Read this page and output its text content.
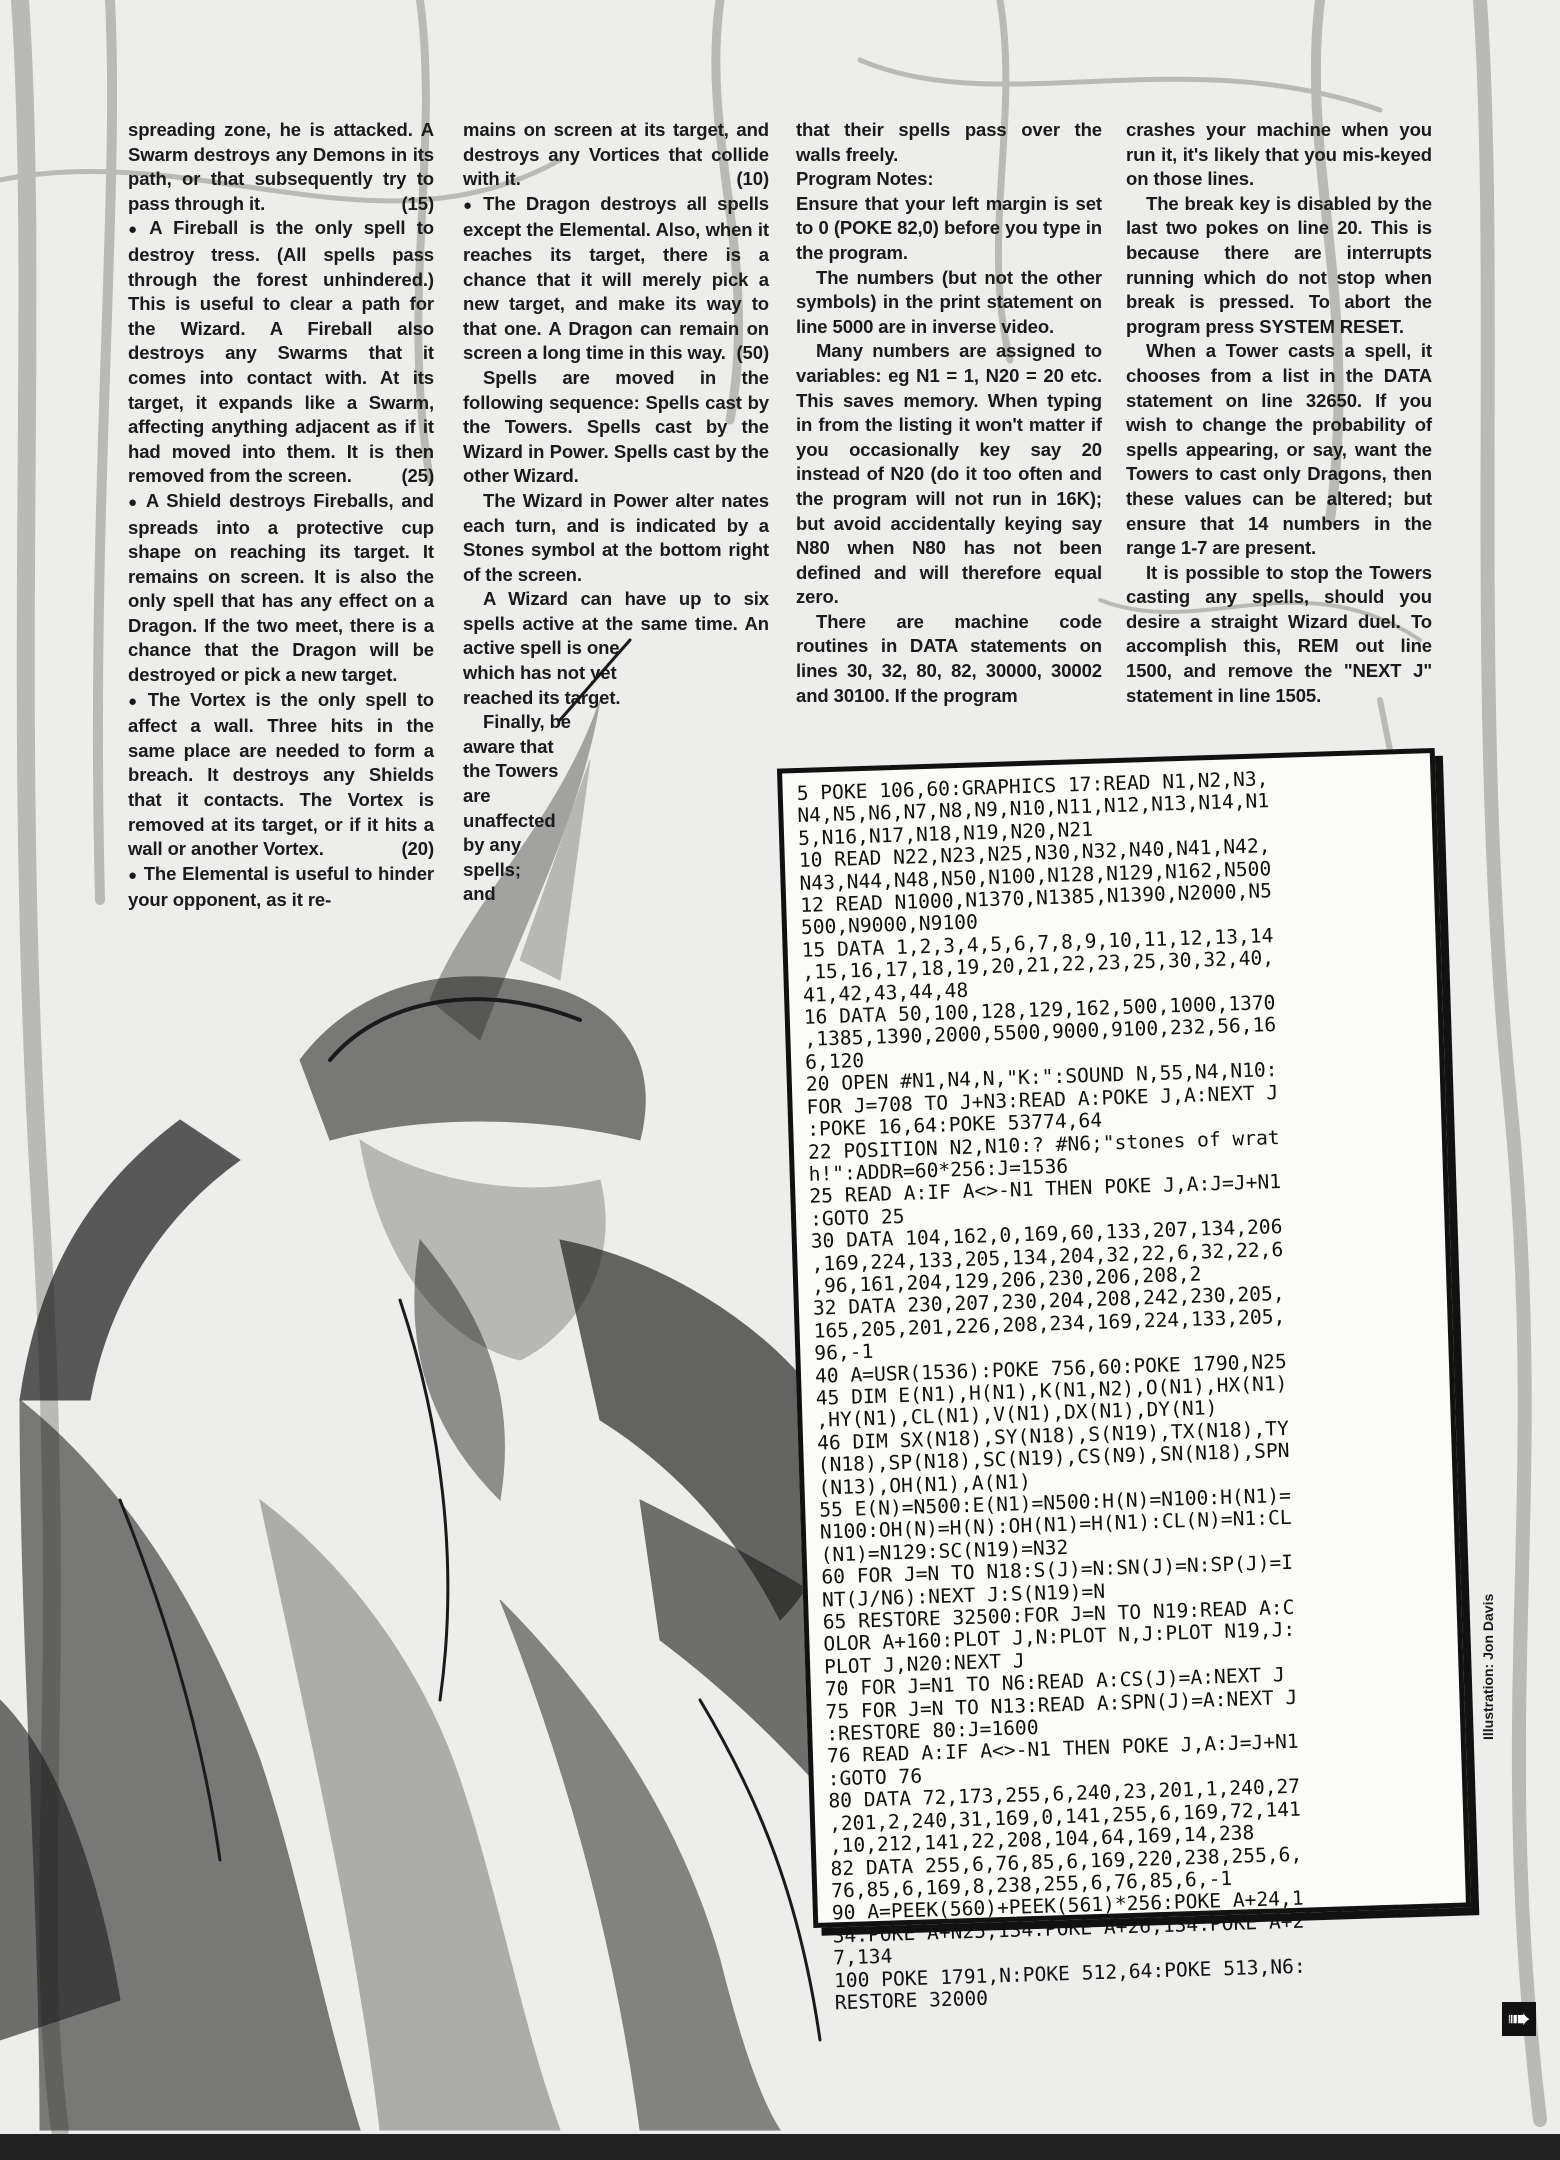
spreading zone, he is attacked. A Swarm destroys any Demons in its path, or that subsequently try to pass through it.	(15)

● A Fireball is the only spell to destroy tress. (All spells pass through the forest unhindered.) This is useful to clear a path for the Wizard. A Fireball also destroys any Swarms that it comes into contact with. At its target, it expands like a Swarm, affecting anything adjacent as if it had moved into them. It is then removed from the screen.	(25)

● A Shield destroys Fireballs, and spreads into a protective cup shape on reaching its target. It remains on screen. It is also the only spell that has any effect on a Dragon. If the two meet, there is a chance that the Dragon will be destroyed or pick a new target.

● The Vortex is the only spell to affect a wall. Three hits in the same place are needed to form a breach. It destroys any Shields that it contacts. The Vortex is removed at its target, or if it hits a wall or another Vortex.	(20)

● The Elemental is useful to hinder your opponent, as it re-

mains on screen at its target, and destroys any Vortices that collide with it.	(10)

● The Dragon destroys all spells except the Elemental. Also, when it reaches its target, there is a chance that it will merely pick a new target, and make its way to that one. A Dragon can remain on screen a long time in this way. (50)

Spells are moved in the following sequence: Spells cast by the Towers. Spells cast by the Wizard in Power. Spells cast by the other Wizard.

The Wizard in Power alter nates each turn, and is indicated by a Stones symbol at the bottom right of the screen.

A Wizard can have up to six spells active at the same time. An active spell is one

which has not yet
reached its target.
Finally, be
aware that
the Towers
are
unaffected
by any
spells;
and

that their spells pass over the walls freely.

Program Notes:

Ensure that your left margin is set to 0 (POKE 82,0) before you type in the program.

The numbers (but not the other symbols) in the print statement on line 5000 are in inverse video.

Many numbers are assigned to variables: eg N1 = 1, N20 = 20 etc. This saves memory. When typing in from the listing it won't matter if you occasionally key say 20 instead of N20 (do it too often and the program will not run in 16K); but avoid accidentally keying say N80 when N80 has not been defined and will therefore equal zero.

There are machine code routines in DATA statements on lines 30, 32, 80, 82, 30000, 30002 and 30100. If the program

crashes your machine when you run it, it's likely that you mis-keyed on those lines.

The break key is disabled by the last two pokes on line 20. This is because there are interrupts running which do not stop when break is pressed. To abort the program press SYSTEM RESET.

When a Tower casts a spell, it chooses from a list in the DATA statement on line 32650. If you wish to change the probability of spells appearing, or say, want the Towers to cast only Dragons, then these values can be altered; but ensure that 14 numbers in the range 1-7 are present.

It is possible to stop the Towers casting any spells, should you desire a straight Wizard duel. To accomplish this, REM out line 1500, and remove the "NEXT J" statement in line 1505.

5 POKE 106,60:GRAPHICS 17:READ N1,N2,N3,
N4,N5,N6,N7,N8,N9,N10,N11,N12,N13,N14,N1
5,N16,N17,N18,N19,N20,N21
10 READ N22,N23,N25,N30,N32,N40,N41,N42,
N43,N44,N48,N50,N100,N128,N129,N162,N500
12 READ N1000,N1370,N1385,N1390,N2000,N5
500,N9000,N9100
15 DATA 1,2,3,4,5,6,7,8,9,10,11,12,13,14
,15,16,17,18,19,20,21,22,23,25,30,32,40,
41,42,43,44,48
16 DATA 50,100,128,129,162,500,1000,1370
,1385,1390,2000,5500,9000,9100,232,56,16
6,120
20 OPEN #N1,N4,N,"K:":SOUND N,55,N4,N10:
FOR J=708 TO J+N3:READ A:POKE J,A:NEXT J
:POKE 16,64:POKE 53774,64
22 POSITION N2,N10:? #N6;"stones of wrat
h!":ADDR=60*256:J=1536
25 READ A:IF A<>-N1 THEN POKE J,A:J=J+N1
:GOTO 25
30 DATA 104,162,0,169,60,133,207,134,206
,169,224,133,205,134,204,32,22,6,32,22,6
,96,161,204,129,206,230,206,208,2
32 DATA 230,207,230,204,208,242,230,205,
165,205,201,226,208,234,169,224,133,205,
96,-1
40 A=USR(1536):POKE 756,60:POKE 1790,N25
45 DIM E(N1),H(N1),K(N1,N2),O(N1),HX(N1)
,HY(N1),CL(N1),V(N1),DX(N1),DY(N1)
46 DIM SX(N18),SY(N18),S(N19),TX(N18),TY
(N18),SP(N18),SC(N19),CS(N9),SN(N18),SPN
(N13),OH(N1),A(N1)
55 E(N)=N500:E(N1)=N500:H(N)=N100:H(N1)=
N100:OH(N)=H(N):OH(N1)=H(N1):CL(N)=N1:CL
(N1)=N129:SC(N19)=N32
60 FOR J=N TO N18:S(J)=N:SN(J)=N:SP(J)=I
NT(J/N6):NEXT J:S(N19)=N
65 RESTORE 32500:FOR J=N TO N19:READ A:C
OLOR A+160:PLOT J,N:PLOT N,J:PLOT N19,J:
PLOT J,N20:NEXT J
70 FOR J=N1 TO N6:READ A:CS(J)=A:NEXT J
75 FOR J=N TO N13:READ A:SPN(J)=A:NEXT J
:RESTORE 80:J=1600
76 READ A:IF A<>-N1 THEN POKE J,A:J=J+N1
:GOTO 76
80 DATA 72,173,255,6,240,23,201,1,240,27
,201,2,240,31,169,0,141,255,6,169,72,141
,10,212,141,22,208,104,64,169,14,238
82 DATA 255,6,76,85,6,169,220,238,255,6,
76,85,6,169,8,238,255,6,76,85,6,-1
90 A=PEEK(560)+PEEK(561)*256:POKE A+24,1
34:POKE A+N25,134:POKE A+26,134:POKE A+2
7,134
100 POKE 1791,N:POKE 512,64:POKE 513,N6:
RESTORE 32000
Illustration: Jon Davis
➠
